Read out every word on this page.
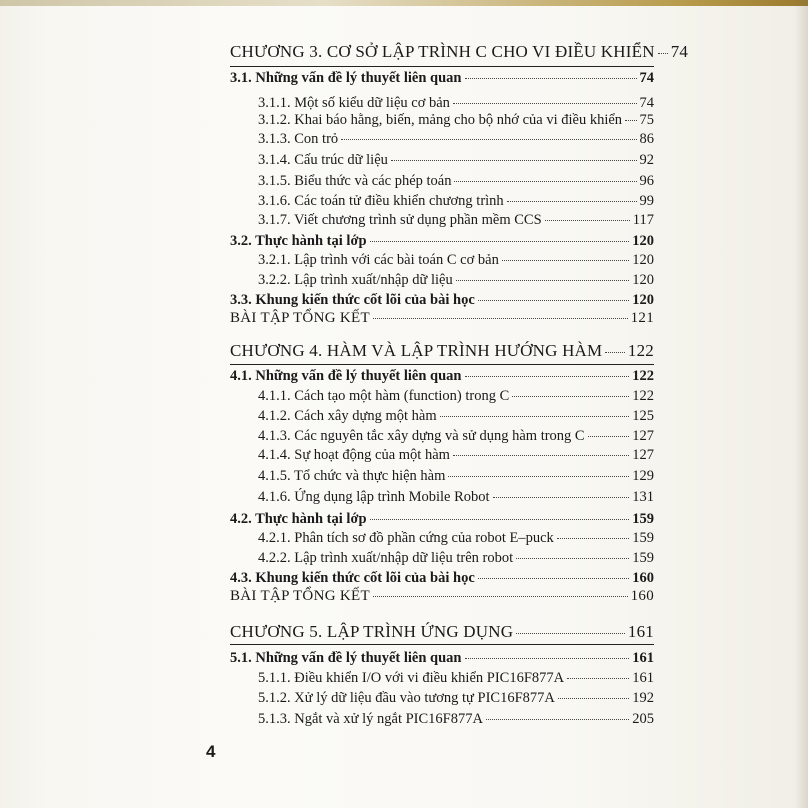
CHƯƠNG 3. CƠ SỞ LẬP TRÌNH C CHO VI ĐIỀU KHIỂN 74
3.1. Những vấn đề lý thuyết liên quan	74
3.1.1. Một số kiểu dữ liệu cơ bản	74
3.1.2. Khai báo hằng, biến, mảng cho bộ nhớ của vi điều khiển 75
3.1.3. Con trỏ	86
3.1.4. Cấu trúc dữ liệu	92
3.1.5. Biểu thức và các phép toán	96
3.1.6. Các toán tử điều khiển chương trình	99
3.1.7. Viết chương trình sử dụng phần mềm CCS	117
3.2. Thực hành tại lớp	120
3.2.1. Lập trình với các bài toán C cơ bản	120
3.2.2. Lập trình xuất/nhập dữ liệu	120
3.3. Khung kiến thức cốt lõi của bài học	120
BÀI TẬP TỔNG KẾT	121
CHƯƠNG 4. HÀM VÀ LẬP TRÌNH HƯỚNG HÀM 122
4.1. Những vấn đề lý thuyết liên quan	122
4.1.1. Cách tạo một hàm (function) trong C	122
4.1.2. Cách xây dựng một hàm	125
4.1.3. Các nguyên tắc xây dựng và sử dụng hàm trong C	127
4.1.4. Sự hoạt động của một hàm	127
4.1.5. Tổ chức và thực hiện hàm	129
4.1.6. Ứng dụng lập trình Mobile Robot	131
4.2. Thực hành tại lớp	159
4.2.1. Phân tích sơ đồ phần cứng của robot E–puck	159
4.2.2. Lập trình xuất/nhập dữ liệu trên robot	159
4.3. Khung kiến thức cốt lõi của bài học	160
BÀI TẬP TỔNG KẾT	160
CHƯƠNG 5. LẬP TRÌNH ỨNG DỤNG	161
5.1. Những vấn đề lý thuyết liên quan	161
5.1.1. Điều khiển I/O với vi điều khiển PIC16F877A	161
5.1.2. Xử lý dữ liệu đầu vào tương tự PIC16F877A	192
5.1.3. Ngắt và xử lý ngắt PIC16F877A	205
4
